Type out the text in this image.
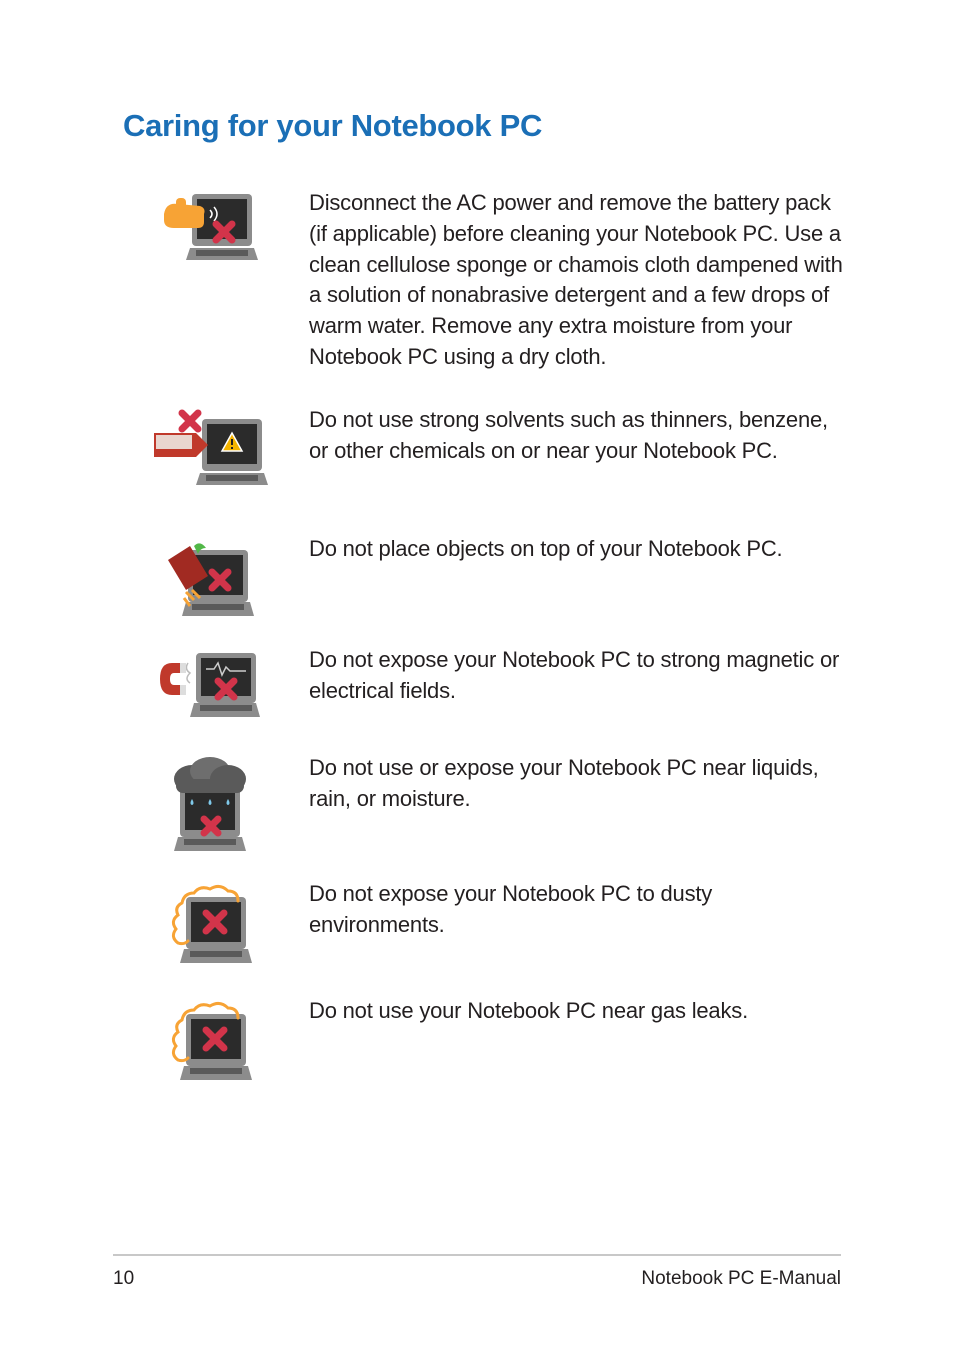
Caring for your Notebook PC
Disconnect the AC power and remove the battery pack (if applicable) before cleaning your Notebook PC. Use a clean cellulose sponge or chamois cloth dampened with a solution of nonabrasive detergent and a few drops of warm water. Remove any extra moisture from your Notebook PC using a dry cloth.
Do not use strong solvents such as thinners, benzene, or other chemicals on or near your Notebook PC.
Do not place objects on top of your Notebook PC.
Do not expose your Notebook PC to strong magnetic or electrical fields.
Do not use or expose your Notebook PC near liquids, rain, or moisture.
Do not expose your Notebook PC to dusty environments.
Do not use your Notebook PC near gas leaks.
10	Notebook PC E-Manual
